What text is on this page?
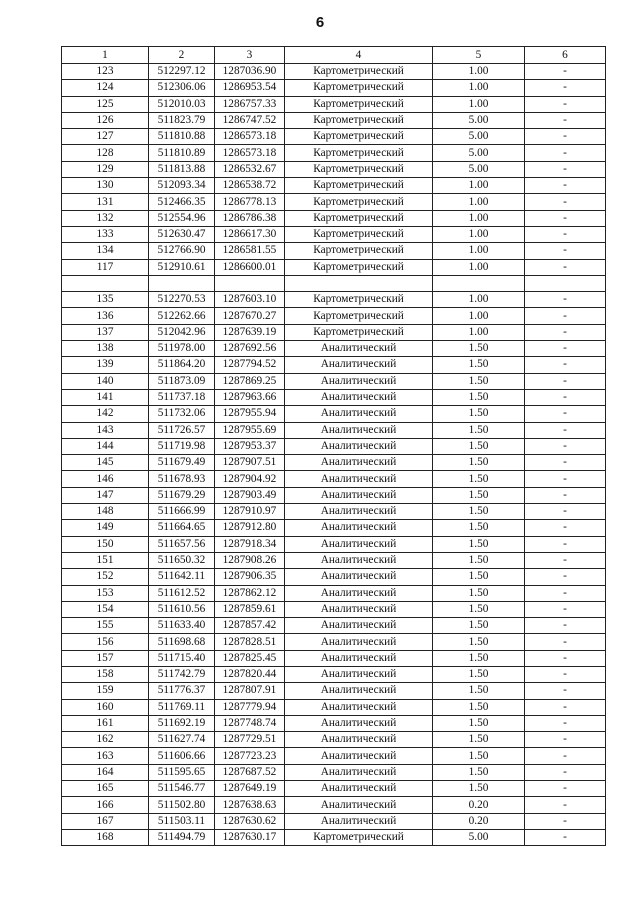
6
1	2	3	4	5	6
123	512297.12	1287036.90	Картометрический	1.00	-
124	512306.06	1286953.54	Картометрический	1.00	-
125	512010.03	1286757.33	Картометрический	1.00	-
126	511823.79	1286747.52	Картометрический	5.00	-
127	511810.88	1286573.18	Картометрический	5.00	-
128	511810.89	1286573.18	Картометрический	5.00	-
129	511813.88	1286532.67	Картометрический	5.00	-
130	512093.34	1286538.72	Картометрический	1.00	-
131	512466.35	1286778.13	Картометрический	1.00	-
132	512554.96	1286786.38	Картометрический	1.00	-
133	512630.47	1286617.30	Картометрический	1.00	-
134	512766.90	1286581.55	Картометрический	1.00	-
117	512910.61	1286600.01	Картометрический	1.00	-

135	512270.53	1287603.10	Картометрический	1.00	-
136	512262.66	1287670.27	Картометрический	1.00	-
137	512042.96	1287639.19	Картометрический	1.00	-
138	511978.00	1287692.56	Аналитический	1.50	-
139	511864.20	1287794.52	Аналитический	1.50	-
140	511873.09	1287869.25	Аналитический	1.50	-
141	511737.18	1287963.66	Аналитический	1.50	-
142	511732.06	1287955.94	Аналитический	1.50	-
143	511726.57	1287955.69	Аналитический	1.50	-
144	511719.98	1287953.37	Аналитический	1.50	-
145	511679.49	1287907.51	Аналитический	1.50	-
146	511678.93	1287904.92	Аналитический	1.50	-
147	511679.29	1287903.49	Аналитический	1.50	-
148	511666.99	1287910.97	Аналитический	1.50	-
149	511664.65	1287912.80	Аналитический	1.50	-
150	511657.56	1287918.34	Аналитический	1.50	-
151	511650.32	1287908.26	Аналитический	1.50	-
152	511642.11	1287906.35	Аналитический	1.50	-
153	511612.52	1287862.12	Аналитический	1.50	-
154	511610.56	1287859.61	Аналитический	1.50	-
155	511633.40	1287857.42	Аналитический	1.50	-
156	511698.68	1287828.51	Аналитический	1.50	-
157	511715.40	1287825.45	Аналитический	1.50	-
158	511742.79	1287820.44	Аналитический	1.50	-
159	511776.37	1287807.91	Аналитический	1.50	-
160	511769.11	1287779.94	Аналитический	1.50	-
161	511692.19	1287748.74	Аналитический	1.50	-
162	511627.74	1287729.51	Аналитический	1.50	-
163	511606.66	1287723.23	Аналитический	1.50	-
164	511595.65	1287687.52	Аналитический	1.50	-
165	511546.77	1287649.19	Аналитический	1.50	-
166	511502.80	1287638.63	Аналитический	0.20	-
167	511503.11	1287630.62	Аналитический	0.20	-
168	511494.79	1287630.17	Картометрический	5.00	-
